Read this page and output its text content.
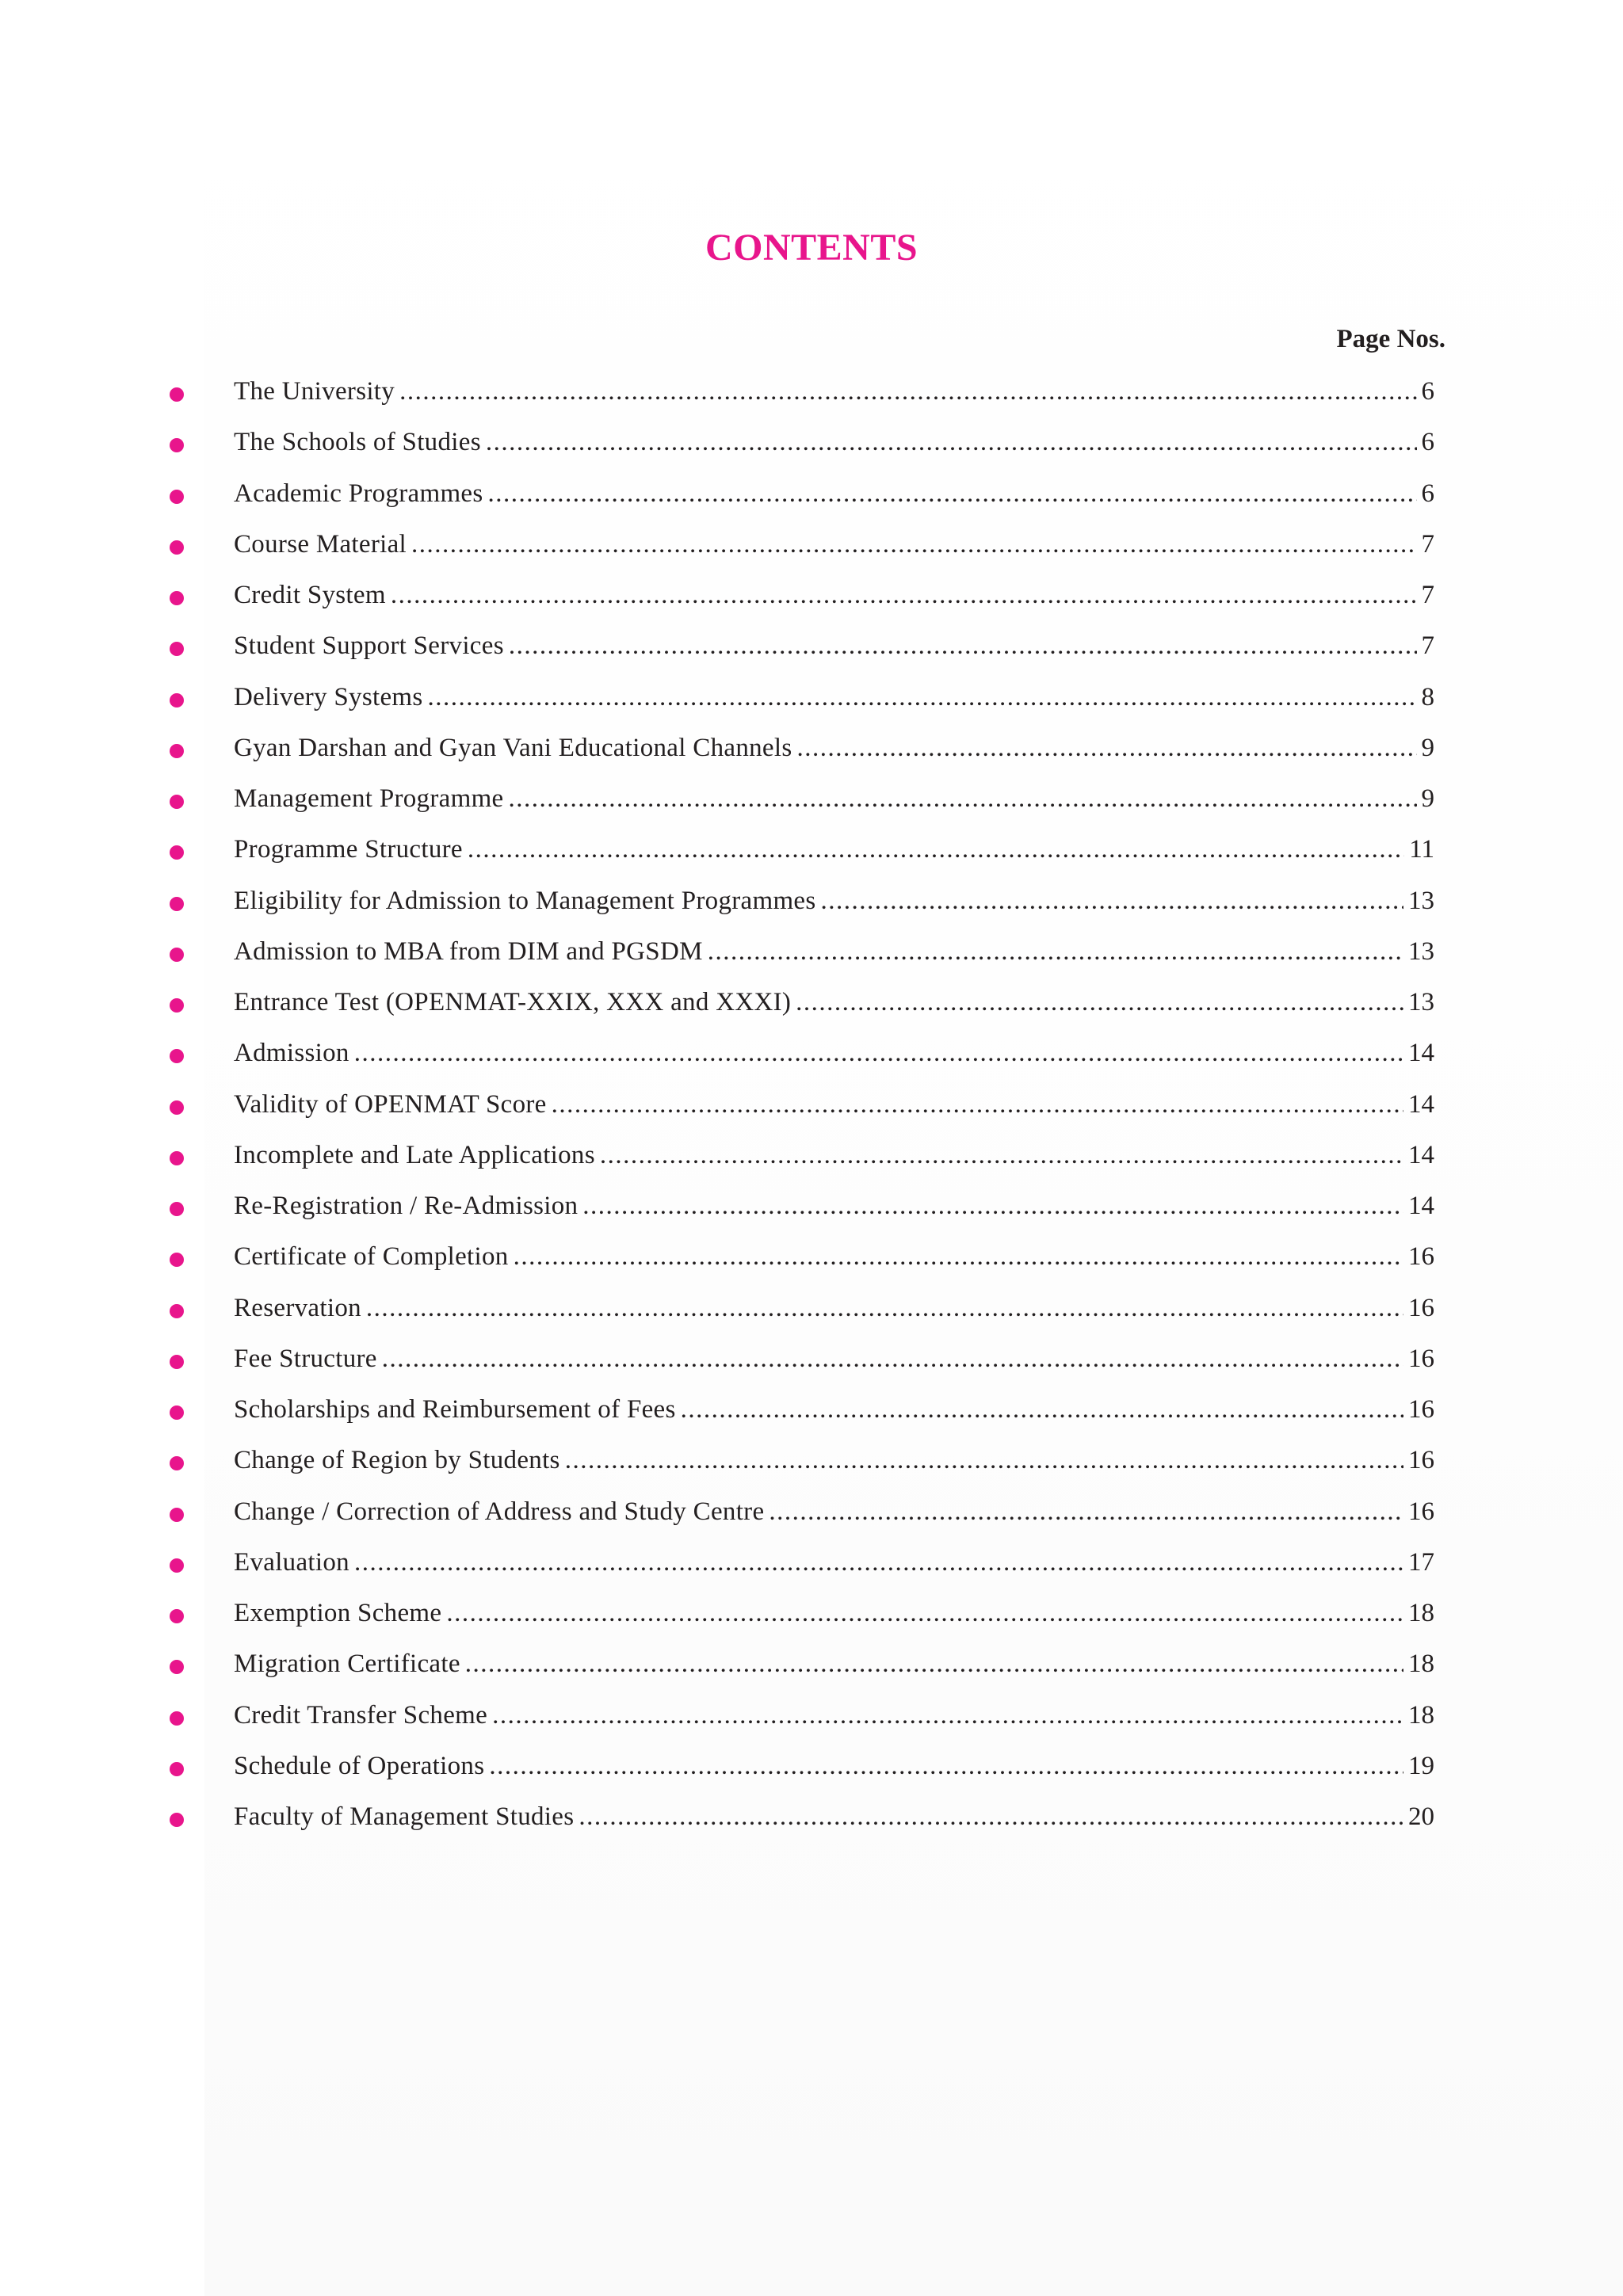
CONTENTS
Page Nos.
The University .....	6
The Schools of Studies .....	6
Academic Programmes .....	6
Course Material .....	7
Credit System .....	7
Student Support Services .....	7
Delivery Systems .....	8
Gyan Darshan and Gyan Vani Educational Channels .....	9
Management Programme .....	9
Programme Structure .....	11
Eligibility for Admission to Management Programmes .....	13
Admission to MBA from DIM and PGSDM .....	13
Entrance Test (OPENMAT-XXIX, XXX and XXXI) .....	13
Admission .....	14
Validity of OPENMAT Score .....	14
Incomplete and Late Applications .....	14
Re-Registration / Re-Admission .....	14
Certificate of Completion .....	16
Reservation .....	16
Fee Structure .....	16
Scholarships and Reimbursement of Fees .....	16
Change of Region by Students .....	16
Change / Correction of Address and Study Centre .....	16
Evaluation .....	17
Exemption Scheme .....	18
Migration Certificate .....	18
Credit Transfer Scheme .....	18
Schedule of Operations .....	19
Faculty of Management Studies .....	20
